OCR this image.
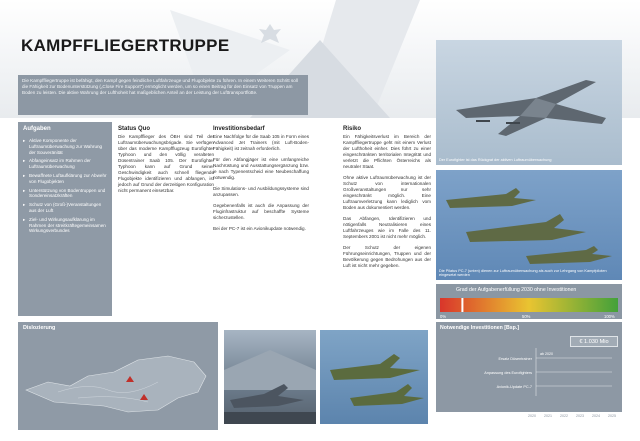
KAMPFFLIEGERTRUPPE
Die Kampffliegertruppe ist befähigt, den Kampf gegen feindliche Luftfahrzeuge und Flugobjekte zu führen. In einem Weiteren Schritt soll die Fähigkeit zur Bodenunterstützung („Close Fire Support“) ermöglicht werden, um so einen Beitrag für den Einsatz von Truppen am Boden zu leisten. Die aktive Wahrung der Lufthoheit hat maßgeblichen Anteil an der Leistung der Lufttransportflotte.
Aufgaben
▸ Aktive Komponente der Luftraumüberwachung zur Wahrung der Souveränität
▸ Abfangeinsatz im Rahmen der Luftraumüberwachung
▸ Bewaffnete Luftaufklärung zur Abwehr von Flugobjekten
▸ Unterstützung von Bodentruppen und Sondereinsatzkräften
▸ Schutz von (Groß-)Veranstaltungen aus der Luft
▸ Ziel- und Wirkungsaufklärung im Rahmen der streitkräftegemeinsamen Wirkungsverbundes
Status Quo

Die Kampfflieger des ÖBH sind Teil der Luftraumüberwachungsbrigade. Sie verfügen über das moderne Kampfflugzeug Eurofighter Typhoon und den völlig veralteten Düsentrainer Saab 105. Der Eurofighter Typhoon kann auf Grund seiner Geschwindigkeit auch schnell fliegende Flugobjekte identifizieren und abfangen, ist jedoch auf Grund der derzeitigen Konfiguration nicht permanent einsetzbar.

Investitionsbedarf

Eine Nachfolge für die Saab 105 in Form eines Advanced Jet Trainers (mit Luft-Boden-Fähigkeit) ist zeitnah erforderlich.

Für den Abfangjäger ist eine umfangreiche Nachrüstung und Ausstattungsergänzung bzw. je nach Typenentscheid eine Neubeschaffung notwendig.

Die Simulations- und Ausbildungssysteme sind anzupassen.

Gegebenenfalls ist auch die Anpassung der Fluginfrastruktur auf beschaffte Systeme sicherzustellen.

Bei der PC-7 ist ein Avionikupdate notwendig.

Risiko

Ein Fähigkeitsverlust im Bereich der Kampffliegertruppe geht mit einem Verlust der Lufthoheit einher. Dies führt zu einer eingeschränkten territorialen Integrität und verletzt die Pflichten Österreichs als neutraler Staat.

Ohne aktive Luftraumüberwachung ist der Schutz von internationalen Großveranstaltungen nur sehr eingeschränkt möglich. Eine Luftraumverletzung kann lediglich vom Boden aus dokumentiert werden.

Das Abfangen, Identifizieren und nötigenfalls Neutralisieren eines Luftfahrzeuges wie im Falle des 11. Septembers 2001 ist nicht mehr möglich.

Der Schutz der eigenen Führungseinrichtungen, Truppen und der Bevölkerung gegen Bedrohungen aus der Luft ist nicht mehr gegeben.

Der Eurofighter ist das Rückgrat der aktiven Luftraumüberwachung
Die Pilatus PC-7 (unten) dienen zur Luftraumüberwachung als auch zur Lehrgang von Kampfpiloten eingesetzt werden
Grad der Aufgabenerfüllung 2030 ohne Investitionen
0%	50%	100%
Dislozierung	Notwendige Investitionen [Bsp.]
€ 1.030 Mio
Ersatz Düsentrainer
ab 2020
Anpassung des Eurofighters
Avionik-Update PC-7
2020 2021 2022 2023 2024 2025
